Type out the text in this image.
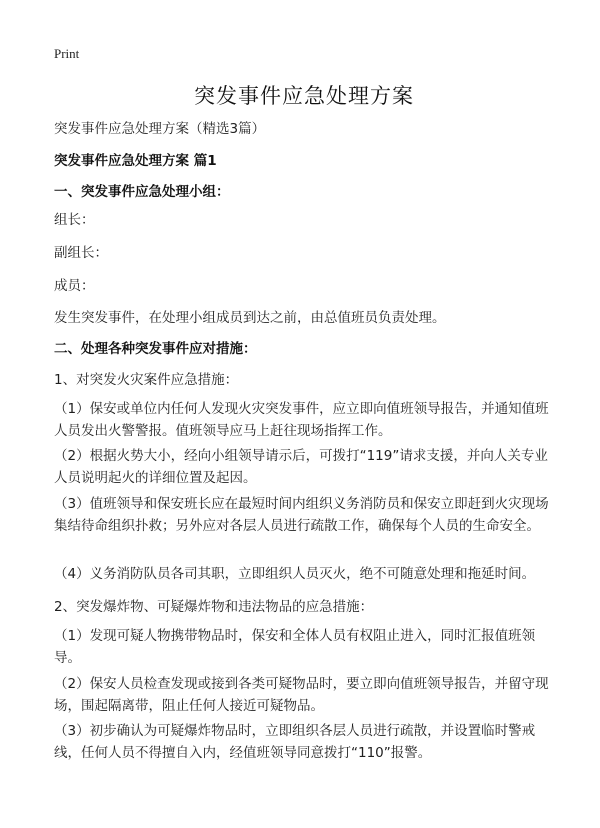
Print
突发事件应急处理方案
突发事件应急处理方案（精选3篇）
突发事件应急处理方案 篇1
一、突发事件应急处理小组：
组长：
副组长：
成员：
发生突发事件，在处理小组成员到达之前，由总值班员负责处理。
二、处理各种突发事件应对措施：
1、对突发火灾案件应急措施：
（1）保安或单位内任何人发现火灾突发事件，应立即向值班领导报告，并通知值班人员发出火警警报。值班领导应马上赶往现场指挥工作。
（2）根据火势大小，经向小组领导请示后，可拨打“119”请求支援，并向人关专业人员说明起火的详细位置及起因。
（3）值班领导和保安班长应在最短时间内组织义务消防员和保安立即赶到火灾现场集结待命组织扑救；另外应对各层人员进行疏散工作，确保每个人员的生命安全。
（4）义务消防队员各司其职，立即组织人员灭火，绝不可随意处理和拖延时间。
2、突发爆炸物、可疑爆炸物和违法物品的应急措施：
（1）发现可疑人物携带物品时，保安和全体人员有权阻止进入，同时汇报值班领导。
（2）保安人员检查发现或接到各类可疑物品时，要立即向值班领导报告，并留守现场，围起隔离带，阻止任何人接近可疑物品。
（3）初步确认为可疑爆炸物品时，立即组织各层人员进行疏散，并设置临时警戒线，任何人员不得擅自入内，经值班领导同意拨打“110”报警。
